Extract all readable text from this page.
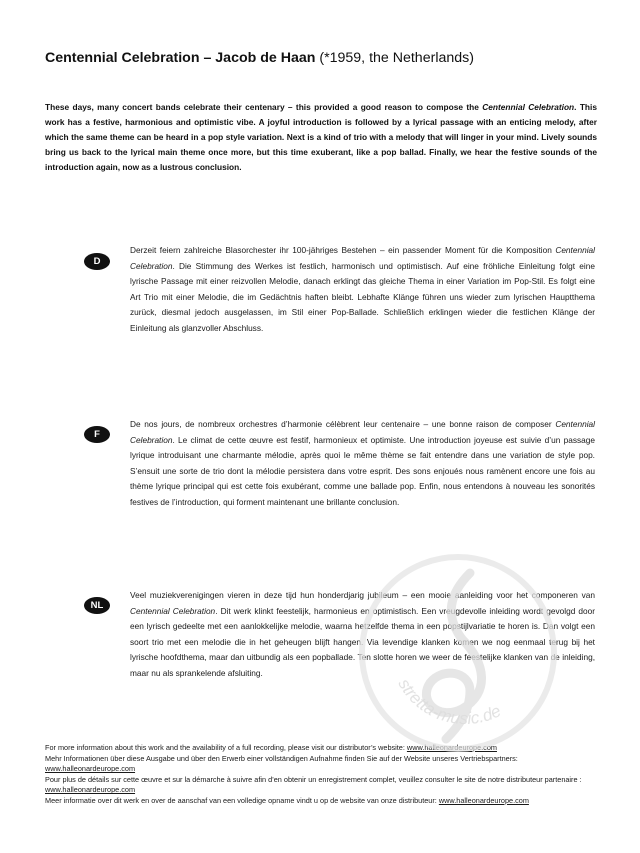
Centennial Celebration – Jacob de Haan (*1959, the Netherlands)
These days, many concert bands celebrate their centenary – this provided a good reason to compose the Centennial Celebration. This work has a festive, harmonious and optimistic vibe. A joyful introduction is followed by a lyrical passage with an enticing melody, after which the same theme can be heard in a pop style variation. Next is a kind of trio with a melody that will linger in your mind. Lively sounds bring us back to the lyrical main theme once more, but this time exuberant, like a pop ballad. Finally, we hear the festive sounds of the introduction again, now as a lustrous conclusion.
D
Derzeit feiern zahlreiche Blasorchester ihr 100-jähriges Bestehen – ein passender Moment für die Komposition Centennial Celebration. Die Stimmung des Werkes ist festlich, harmonisch und optimistisch. Auf eine fröhliche Einleitung folgt eine lyrische Passage mit einer reizvollen Melodie, danach erklingt das gleiche Thema in einer Variation im Pop-Stil. Es folgt eine Art Trio mit einer Melodie, die im Gedächtnis haften bleibt. Lebhafte Klänge führen uns wieder zum lyrischen Hauptthema zurück, diesmal jedoch ausgelassen, im Stil einer Pop-Ballade. Schließlich erklingen wieder die festlichen Klänge der Einleitung als glanzvoller Abschluss.
F
De nos jours, de nombreux orchestres d’harmonie célèbrent leur centenaire – une bonne raison de composer Centennial Celebration. Le climat de cette œuvre est festif, harmonieux et optimiste. Une introduction joyeuse est suivie d’un passage lyrique introduisant une charmante mélodie, après quoi le même thème se fait entendre dans une variation de style pop. S’ensuit une sorte de trio dont la mélodie persistera dans votre esprit. Des sons enjoués nous ramènent encore une fois au thème lyrique principal qui est cette fois exubérant, comme une ballade pop. Enfin, nous entendons à nouveau les sonorités festives de l’introduction, qui forment maintenant une brillante conclusion.
NL
Veel muziekverenigingen vieren in deze tijd hun honderdjarig jubileum – een mooie aanleiding voor het componeren van Centennial Celebration. Dit werk klinkt feestelijk, harmonieus en optimistisch. Een vreugdevolle inleiding wordt gevolgd door een lyrisch gedeelte met een aanlokkelijke melodie, waarna hetzelfde thema in een popstijlvariatie te horen is. Dan volgt een soort trio met een melodie die in het geheugen blijft hangen. Via levendige klanken komen we nog eenmaal terug bij het lyrische hoofdthema, maar dan uitbundig als een popballade. Ten slotte horen we weer de feestelijke klanken van de inleiding, maar nu als sprankelende afsluiting.
For more information about this work and the availability of a full recording, please visit our distributor’s website: www.halleonardeurope.com
Mehr Informationen über diese Ausgabe und über den Erwerb einer vollständigen Aufnahme finden Sie auf der Website unseres Vertriebspartners: www.halleonardeurope.com
Pour plus de détails sur cette œuvre et sur la démarche à suivre afin d’en obtenir un enregistrement complet, veuillez consulter le site de notre distributeur partenaire : www.halleonardeurope.com
Meer informatie over dit werk en over de aanschaf van een volledige opname vindt u op de website van onze distributeur: www.halleonardeurope.com
stretta-music.de
